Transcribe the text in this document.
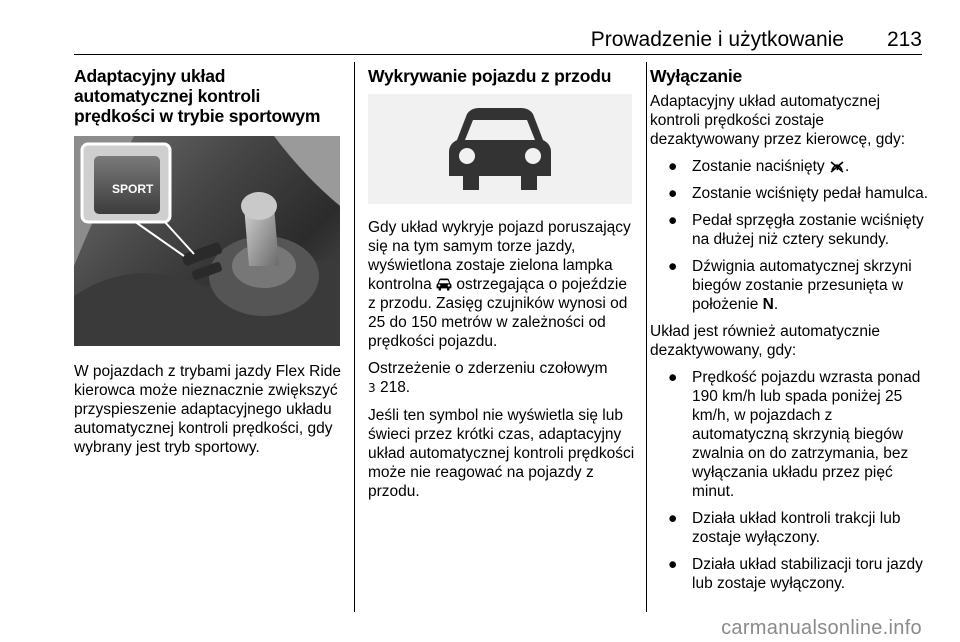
Prowadzenie i użytkowanie 213
Adaptacyjny układ automatycznej kontroli prędkości w trybie sportowym
SPORT

W pojazdach z trybami jazdy Flex Ride kierowca może nieznacznie zwiększyć przyspieszenie adaptacyjnego układu automatycznej kontroli prędkości, gdy wybrany jest tryb sportowy.

Wykrywanie pojazdu z przodu

Gdy układ wykryje pojazd poruszający się na tym samym torze jazdy, wyświetlona zostaje zielona lampka kontrolna  ostrzegająca o pojeździe z przodu. Zasięg czujników wynosi od 25 do 150 metrów w zależności od prędkości pojazdu.

Ostrzeżenie o zderzeniu czołowym
3 218.

Jeśli ten symbol nie wyświetla się lub świeci przez krótki czas, adaptacyjny układ automatycznej kontroli prędkości może nie reagować na pojazdy z przodu.

Wyłączanie

Adaptacyjny układ automatycznej kontroli prędkości zostaje dezaktywowany przez kierowcę, gdy:

● Zostanie naciśnięty .
● Zostanie wciśnięty pedał hamulca.
● Pedał sprzęgła zostanie wciśnięty na dłużej niż cztery sekundy.
● Dźwignia automatycznej skrzyni biegów zostanie przesunięta w położenie N.

Układ jest również automatycznie dezaktywowany, gdy:

● Prędkość pojazdu wzrasta ponad 190 km/h lub spada poniżej 25 km/h, w pojazdach z automatyczną skrzynią biegów zwalnia on do zatrzymania, bez wyłączania układu przez pięć minut.
● Działa układ kontroli trakcji lub zostaje wyłączony.
● Działa układ stabilizacji toru jazdy lub zostaje wyłączony.
carmanualsonline.info
